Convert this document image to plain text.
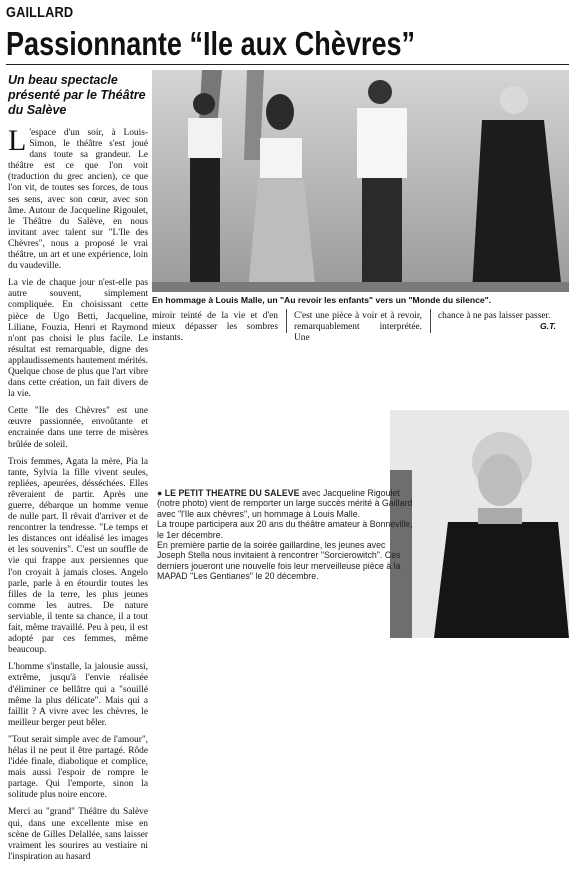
GAILLARD
Passionnante “Ile aux Chèvres”
Un beau spectacle présenté par le Théâtre du Salève

L 'espace d'un soir, à Louis-Simon, le théâtre s'est joué dans toute sa grandeur. Le théâtre est ce que l'on voit (traduction du grec ancien), ce que l'on vit, de toutes ses forces, de tous ses sens, avec son cœur, avec son âme. Autour de Jacqueline Rigoulet, le Théâtre du Salève, en nous invitant avec talent sur "L'Ile des Chèvres", nous a proposé le vrai théâtre, un art et une expérience, loin du vaudeville.

La vie de chaque jour n'est-elle pas autre souvent, simplement compliquée. En choisissant cette pièce de Ugo Betti, Jacqueline, Liliane, Fouzia, Henri et Raymond n'ont pas choisi le plus facile. Le résultat est remarquable, digne des applaudissements hautement mérités. Quelque chose de plus que l'art vibre dans cette création, un fait divers de la vie.

Cette "Ile des Chèvres" est une œuvre passionnée, envoûtante et encrainée dans une terre de misères brûlée de soleil.

Trois femmes, Agata la mère, Pia la tante, Sylvia la fille vivent seules, repliées, apeurées, désséchées. Elles rêveraient de partir. Après une guerre, débarque un homme venue de nulle part. Il rêvait d'arriver et de rencontrer la tendresse. "Le temps et les distances ont idéalisé les images et les souvenirs". C'est un souffle de vie qui frappe aux persiennes que l'on croyait à jamais closes. Angelo parle, parle à en étourdir toutes les filles de la terre, les plus jeunes comme les autres. De nature serviable, il tente sa chance, il a tout fait, même travaillé. Peu à peu, il est adopté par ces femmes, même beaucoup.

L'homme s'installe, la jalousie aussi, extrême, jusqu'à l'envie réalisée d'éliminer ce bellâtre qui a "souillé même la plus délicate". Mais qui a faillit ? A vivre avec les chèvres, le meilleur berger peut bêler.

"Tout serait simple avec de l'amour", hélas il ne peut il être partagé. Rôde l'idée finale, diabolique et complice, mais aussi l'espoir de rompre le partage. Qui l'emporte, sinon la solitude plus noire encore.

Merci au "grand" Théâtre du Salève qui, dans une excellente mise en scène de Gilles Delallée, sans laisser vraiment les sourires au vestiaire ni l'inspiration au hasard

En hommage à Louis Malle, un "Au revoir les enfants" vers un "Monde du silence".
miroir teinté de la vie et d'en mieux dépasser les sombres instants.
C'est une pièce à voir et à revoir, remarquablement interprétée. Une
chance à ne pas laisser passer.
G.T.

● LE PETIT THEATRE DU SALEVE avec Jacqueline Rigoulet (notre photo) vient de remporter un large succès mérité à Gaillard avec "l'Ile aux chèvres", un hommage à Louis Malle.

La troupe participera aux 20 ans du théâtre amateur à Bonneville, le 1er décembre.

En première partie de la soirée gaillardine, les jeunes avec Joseph Stella nous invitaient à rencontrer "Sorcierowitch". Ces derniers joueront une nouvelle fois leur merveilleuse pièce à la MAPAD "Les Gentianes" le 20 décembre.
